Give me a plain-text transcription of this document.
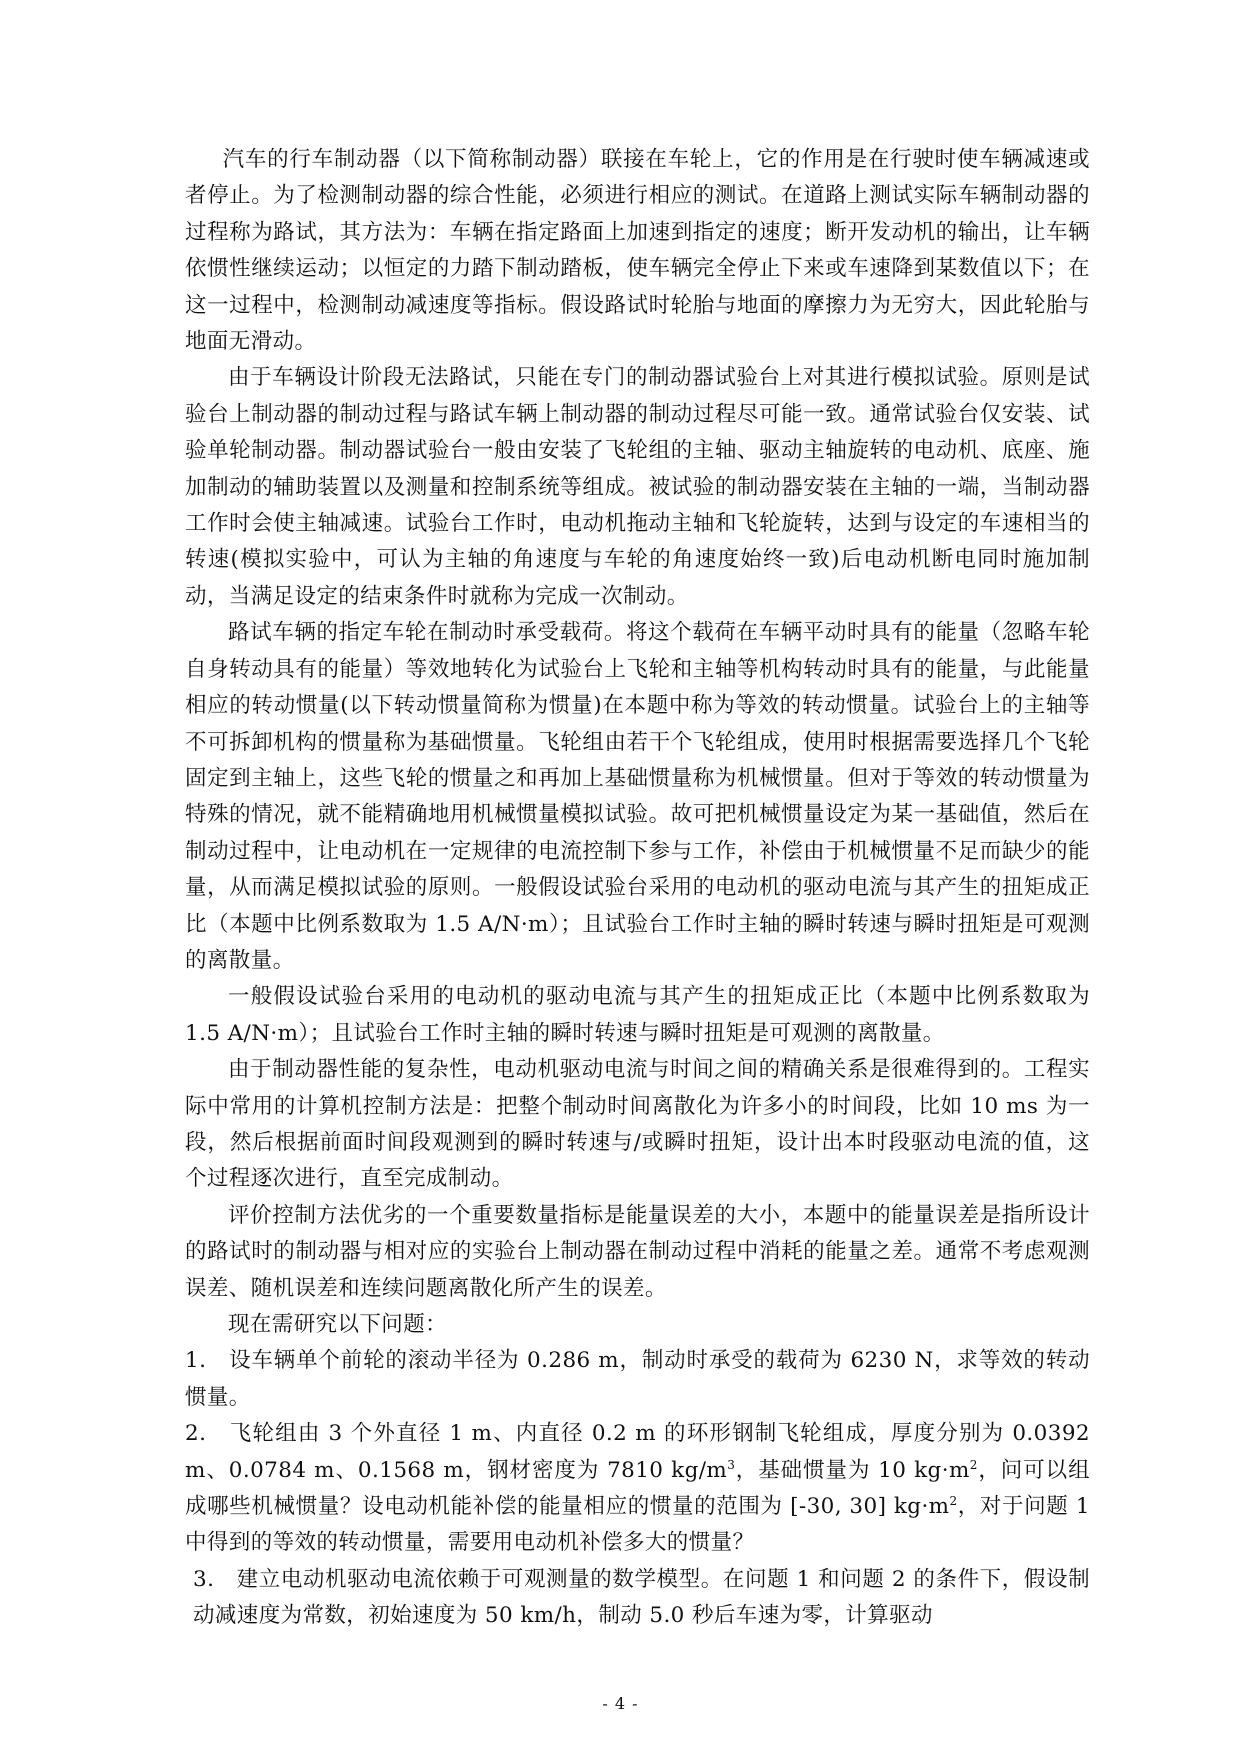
汽车的行车制动器（以下简称制动器）联接在车轮上，它的作用是在行驶时使车辆减速或者停止。为了检测制动器的综合性能，必须进行相应的测试。在道路上测试实际车辆制动器的过程称为路试，其方法为：车辆在指定路面上加速到指定的速度；断开发动机的输出，让车辆依惯性继续运动；以恒定的力踏下制动踏板，使车辆完全停止下来或车速降到某数值以下；在这一过程中，检测制动减速度等指标。假设路试时轮胎与地面的摩擦力为无穷大，因此轮胎与地面无滑动。

由于车辆设计阶段无法路试，只能在专门的制动器试验台上对其进行模拟试验。原则是试验台上制动器的制动过程与路试车辆上制动器的制动过程尽可能一致。通常试验台仅安装、试验单轮制动器。制动器试验台一般由安装了飞轮组的主轴、驱动主轴旋转的电动机、底座、施加制动的辅助装置以及测量和控制系统等组成。被试验的制动器安装在主轴的一端，当制动器工作时会使主轴减速。试验台工作时，电动机拖动主轴和飞轮旋转，达到与设定的车速相当的转速(模拟实验中，可认为主轴的角速度与车轮的角速度始终一致)后电动机断电同时施加制动，当满足设定的结束条件时就称为完成一次制动。

路试车辆的指定车轮在制动时承受载荷。将这个载荷在车辆平动时具有的能量（忽略车轮自身转动具有的能量）等效地转化为试验台上飞轮和主轴等机构转动时具有的能量，与此能量相应的转动惯量(以下转动惯量简称为惯量)在本题中称为等效的转动惯量。试验台上的主轴等不可拆卸机构的惯量称为基础惯量。飞轮组由若干个飞轮组成，使用时根据需要选择几个飞轮固定到主轴上，这些飞轮的惯量之和再加上基础惯量称为机械惯量。但对于等效的转动惯量为特殊的情况，就不能精确地用机械惯量模拟试验。故可把机械惯量设定为某一基础值，然后在制动过程中，让电动机在一定规律的电流控制下参与工作，补偿由于机械惯量不足而缺少的能量，从而满足模拟试验的原则。一般假设试验台采用的电动机的驱动电流与其产生的扭矩成正比（本题中比例系数取为 1.5 A/N·m）；且试验台工作时主轴的瞬时转速与瞬时扭矩是可观测的离散量。

一般假设试验台采用的电动机的驱动电流与其产生的扭矩成正比（本题中比例系数取为 1.5 A/N·m）；且试验台工作时主轴的瞬时转速与瞬时扭矩是可观测的离散量。

由于制动器性能的复杂性，电动机驱动电流与时间之间的精确关系是很难得到的。工程实际中常用的计算机控制方法是：把整个制动时间离散化为许多小的时间段，比如 10 ms 为一段，然后根据前面时间段观测到的瞬时转速与/或瞬时扭矩，设计出本时段驱动电流的值，这个过程逐次进行，直至完成制动。

评价控制方法优劣的一个重要数量指标是能量误差的大小，本题中的能量误差是指所设计的路试时的制动器与相对应的实验台上制动器在制动过程中消耗的能量之差。通常不考虑观测误差、随机误差和连续问题离散化所产生的误差。

现在需研究以下问题：

1.　设车辆单个前轮的滚动半径为 0.286 m，制动时承受的载荷为 6230 N，求等效的转动惯量。

2.　飞轮组由 3 个外直径 1 m、内直径 0.2 m 的环形钢制飞轮组成，厚度分别为 0.0392 m、0.0784 m、0.1568 m，钢材密度为 7810 $kg/m^3$，基础惯量为 10 $kg\cdot m^2$，问可以组成哪些机械惯量？设电动机能补偿的能量相应的惯量的范围为 [-30, 30] $kg\cdot m^2$，对于问题 1 中得到的等效的转动惯量，需要用电动机补偿多大的惯量？

3.　建立电动机驱动电流依赖于可观测量的数学模型。在问题 1 和问题 2 的条件下，假设制动减速度为常数，初始速度为 50 km/h，制动 5.0 秒后车速为零，计算驱动

- 4 -
